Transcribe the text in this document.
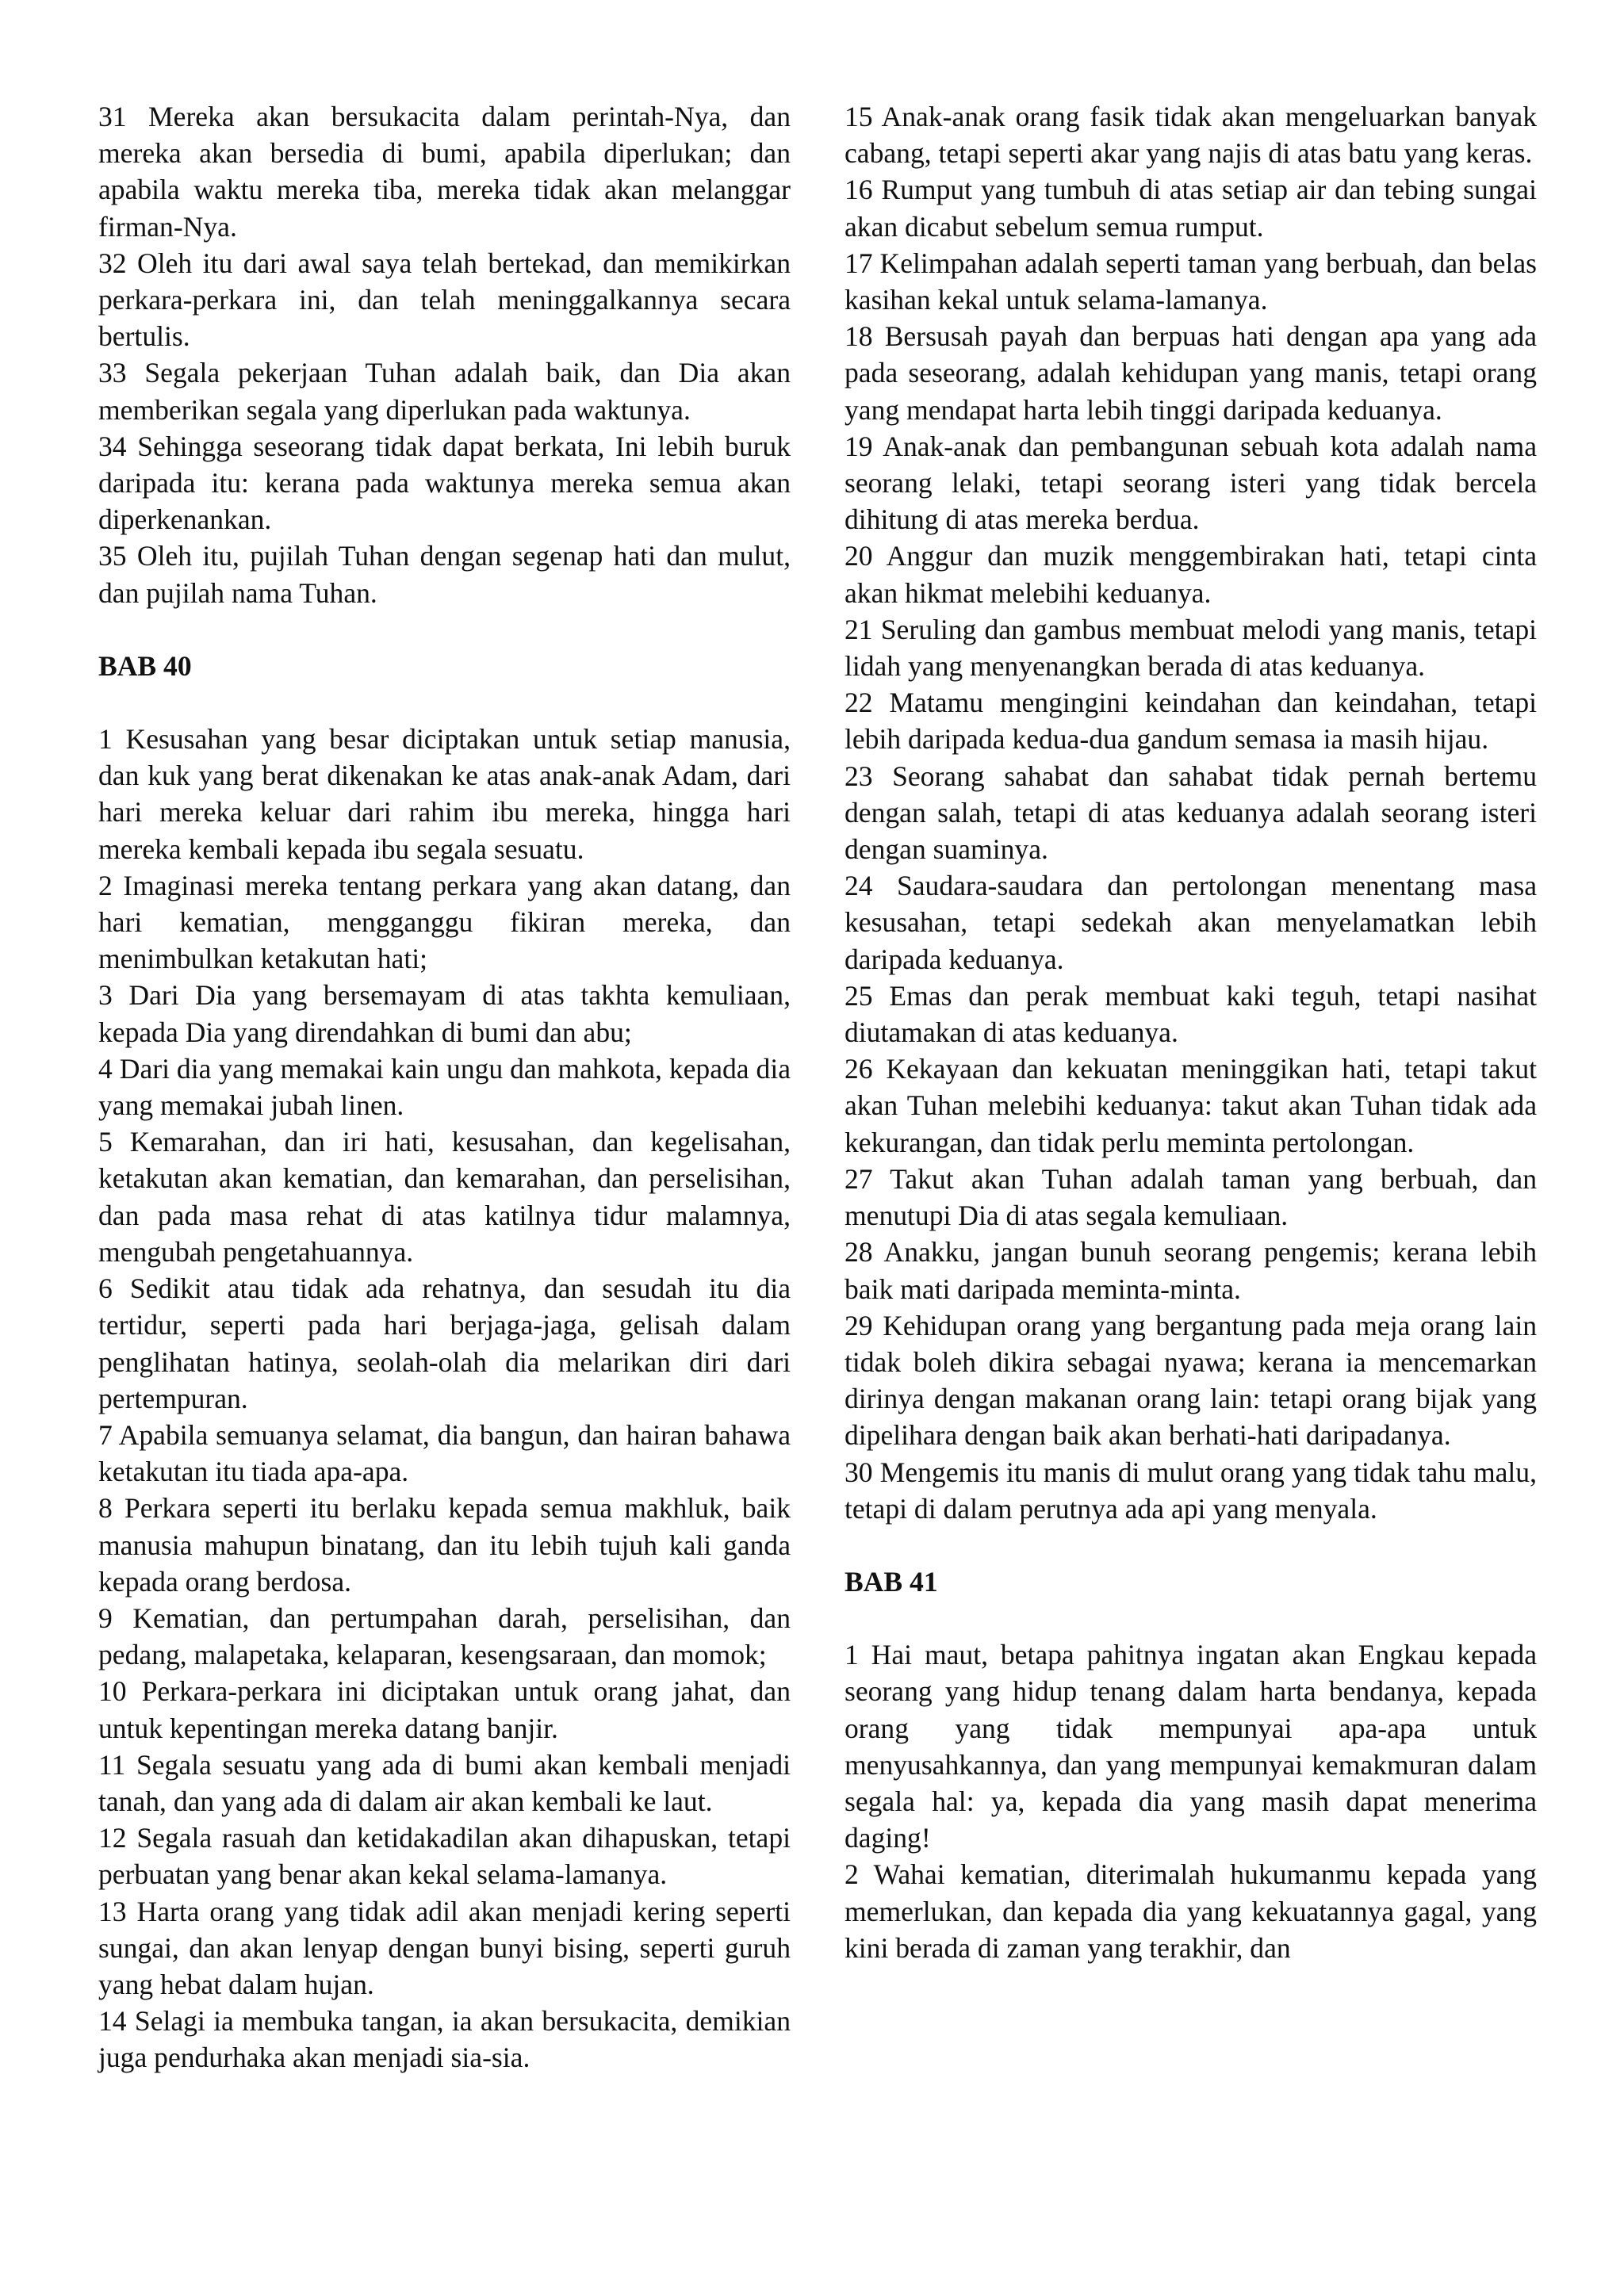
31 Mereka akan bersukacita dalam perintah-Nya, dan mereka akan bersedia di bumi, apabila diperlukan; dan apabila waktu mereka tiba, mereka tidak akan melanggar firman-Nya.

32 Oleh itu dari awal saya telah bertekad, dan memikirkan perkara-perkara ini, dan telah meninggalkannya secara bertulis.

33 Segala pekerjaan Tuhan adalah baik, dan Dia akan memberikan segala yang diperlukan pada waktunya.

34 Sehingga seseorang tidak dapat berkata, Ini lebih buruk daripada itu: kerana pada waktunya mereka semua akan diperkenankan.

35 Oleh itu, pujilah Tuhan dengan segenap hati dan mulut, dan pujilah nama Tuhan.

BAB 40

1 Kesusahan yang besar diciptakan untuk setiap manusia, dan kuk yang berat dikenakan ke atas anak-anak Adam, dari hari mereka keluar dari rahim ibu mereka, hingga hari mereka kembali kepada ibu segala sesuatu.

2 Imaginasi mereka tentang perkara yang akan datang, dan hari kematian, mengganggu fikiran mereka, dan menimbulkan ketakutan hati;

3 Dari Dia yang bersemayam di atas takhta kemuliaan, kepada Dia yang direndahkan di bumi dan abu;

4 Dari dia yang memakai kain ungu dan mahkota, kepada dia yang memakai jubah linen.

5 Kemarahan, dan iri hati, kesusahan, dan kegelisahan, ketakutan akan kematian, dan kemarahan, dan perselisihan, dan pada masa rehat di atas katilnya tidur malamnya, mengubah pengetahuannya.

6 Sedikit atau tidak ada rehatnya, dan sesudah itu dia tertidur, seperti pada hari berjaga-jaga, gelisah dalam penglihatan hatinya, seolah-olah dia melarikan diri dari pertempuran.

7 Apabila semuanya selamat, dia bangun, dan hairan bahawa ketakutan itu tiada apa-apa.

8 Perkara seperti itu berlaku kepada semua makhluk, baik manusia mahupun binatang, dan itu lebih tujuh kali ganda kepada orang berdosa.

9 Kematian, dan pertumpahan darah, perselisihan, dan pedang, malapetaka, kelaparan, kesengsaraan, dan momok;

10 Perkara-perkara ini diciptakan untuk orang jahat, dan untuk kepentingan mereka datang banjir.

11 Segala sesuatu yang ada di bumi akan kembali menjadi tanah, dan yang ada di dalam air akan kembali ke laut.

12 Segala rasuah dan ketidakadilan akan dihapuskan, tetapi perbuatan yang benar akan kekal selama-lamanya.

13 Harta orang yang tidak adil akan menjadi kering seperti sungai, dan akan lenyap dengan bunyi bising, seperti guruh yang hebat dalam hujan.

14 Selagi ia membuka tangan, ia akan bersukacita, demikian juga pendurhaka akan menjadi sia-sia.

15 Anak-anak orang fasik tidak akan mengeluarkan banyak cabang, tetapi seperti akar yang najis di atas batu yang keras.

16 Rumput yang tumbuh di atas setiap air dan tebing sungai akan dicabut sebelum semua rumput.

17 Kelimpahan adalah seperti taman yang berbuah, dan belas kasihan kekal untuk selama-lamanya.

18 Bersusah payah dan berpuas hati dengan apa yang ada pada seseorang, adalah kehidupan yang manis, tetapi orang yang mendapat harta lebih tinggi daripada keduanya.

19 Anak-anak dan pembangunan sebuah kota adalah nama seorang lelaki, tetapi seorang isteri yang tidak bercela dihitung di atas mereka berdua.

20 Anggur dan muzik menggembirakan hati, tetapi cinta akan hikmat melebihi keduanya.

21 Seruling dan gambus membuat melodi yang manis, tetapi lidah yang menyenangkan berada di atas keduanya.

22 Matamu mengingini keindahan dan keindahan, tetapi lebih daripada kedua-dua gandum semasa ia masih hijau.

23 Seorang sahabat dan sahabat tidak pernah bertemu dengan salah, tetapi di atas keduanya adalah seorang isteri dengan suaminya.

24 Saudara-saudara dan pertolongan menentang masa kesusahan, tetapi sedekah akan menyelamatkan lebih daripada keduanya.

25 Emas dan perak membuat kaki teguh, tetapi nasihat diutamakan di atas keduanya.

26 Kekayaan dan kekuatan meninggikan hati, tetapi takut akan Tuhan melebihi keduanya: takut akan Tuhan tidak ada kekurangan, dan tidak perlu meminta pertolongan.

27 Takut akan Tuhan adalah taman yang berbuah, dan menutupi Dia di atas segala kemuliaan.

28 Anakku, jangan bunuh seorang pengemis; kerana lebih baik mati daripada meminta-minta.

29 Kehidupan orang yang bergantung pada meja orang lain tidak boleh dikira sebagai nyawa; kerana ia mencemarkan dirinya dengan makanan orang lain: tetapi orang bijak yang dipelihara dengan baik akan berhati-hati daripadanya.

30 Mengemis itu manis di mulut orang yang tidak tahu malu, tetapi di dalam perutnya ada api yang menyala.

BAB 41

1 Hai maut, betapa pahitnya ingatan akan Engkau kepada seorang yang hidup tenang dalam harta bendanya, kepada orang yang tidak mempunyai apa-apa untuk menyusahkannya, dan yang mempunyai kemakmuran dalam segala hal: ya, kepada dia yang masih dapat menerima daging!

2 Wahai kematian, diterimalah hukumanmu kepada yang memerlukan, dan kepada dia yang kekuatannya gagal, yang kini berada di zaman yang terakhir, dan
